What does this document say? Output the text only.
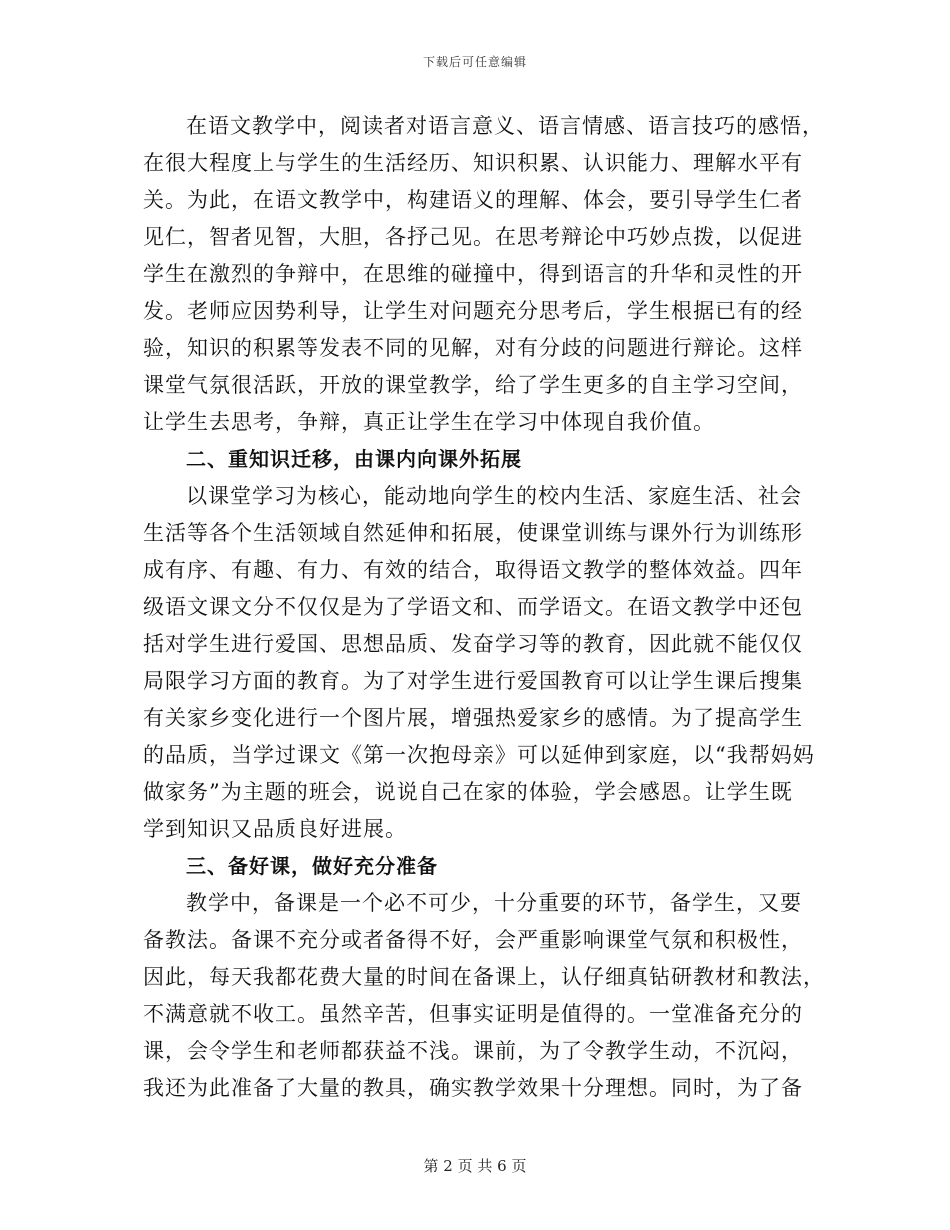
下载后可任意编辑
在语文教学中，阅读者对语言意义、语言情感、语言技巧的感悟，
在很大程度上与学生的生活经历、知识积累、认识能力、理解水平有
关。为此，在语文教学中，构建语义的理解、体会，要引导学生仁者
见仁，智者见智，大胆，各抒己见。在思考辩论中巧妙点拨，以促进
学生在激烈的争辩中，在思维的碰撞中，得到语言的升华和灵性的开
发。老师应因势利导，让学生对问题充分思考后，学生根据已有的经
验，知识的积累等发表不同的见解，对有分歧的问题进行辩论。这样
课堂气氛很活跃，开放的课堂教学，给了学生更多的自主学习空间，
让学生去思考，争辩，真正让学生在学习中体现自我价值。
二、重知识迁移，由课内向课外拓展
以课堂学习为核心，能动地向学生的校内生活、家庭生活、社会
生活等各个生活领域自然延伸和拓展，使课堂训练与课外行为训练形
成有序、有趣、有力、有效的结合，取得语文教学的整体效益。四年
级语文课文分不仅仅是为了学语文和、而学语文。在语文教学中还包
括对学生进行爱国、思想品质、发奋学习等的教育，因此就不能仅仅
局限学习方面的教育。为了对学生进行爱国教育可以让学生课后搜集
有关家乡变化进行一个图片展，增强热爱家乡的感情。为了提高学生
的品质，当学过课文《第一次抱母亲》可以延伸到家庭，以“我帮妈妈
做家务”为主题的班会，说说自己在家的体验，学会感恩。让学生既
学到知识又品质良好进展。
三、备好课，做好充分准备
教学中，备课是一个必不可少，十分重要的环节，备学生，又要
备教法。备课不充分或者备得不好，会严重影响课堂气氛和积极性，
因此，每天我都花费大量的时间在备课上，认仔细真钻研教材和教法，
不满意就不收工。虽然辛苦，但事实证明是值得的。一堂准备充分的
课，会令学生和老师都获益不浅。课前，为了令教学生动，不沉闷，
我还为此准备了大量的教具，确实教学效果十分理想。同时，为了备
第 2 页 共 6 页
